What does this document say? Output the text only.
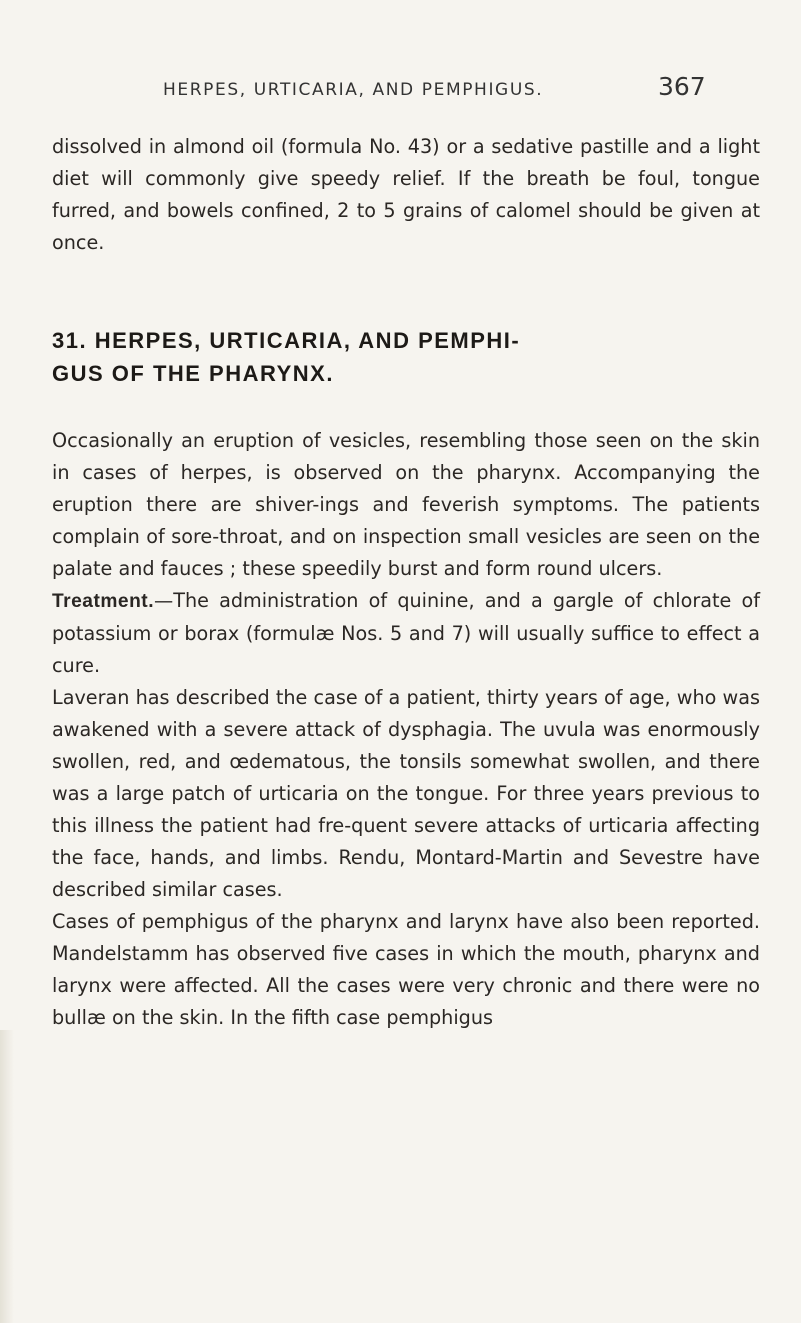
HERPES, URTICARIA, AND PEMPHIGUS.	367

dissolved in almond oil (formula No. 43) or a sedative pastille and a light diet will commonly give speedy relief. If the breath be foul, tongue furred, and bowels confined, 2 to 5 grains of calomel should be given at once.

31. HERPES, URTICARIA, AND PEMPHI-
GUS OF THE PHARYNX.

Occasionally an eruption of vesicles, resembling those seen on the skin in cases of herpes, is observed on the pharynx. Accompanying the eruption there are shiver-ings and feverish symptoms. The patients complain of sore-throat, and on inspection small vesicles are seen on the palate and fauces ; these speedily burst and form round ulcers.

Treatment.—The administration of quinine, and a gargle of chlorate of potassium or borax (formulæ Nos. 5 and 7) will usually suffice to effect a cure.

Laveran has described the case of a patient, thirty years of age, who was awakened with a severe attack of dysphagia. The uvula was enormously swollen, red, and œdematous, the tonsils somewhat swollen, and there was a large patch of urticaria on the tongue. For three years previous to this illness the patient had fre-quent severe attacks of urticaria affecting the face, hands, and limbs. Rendu, Montard-Martin and Sevestre have described similar cases.

Cases of pemphigus of the pharynx and larynx have also been reported. Mandelstamm has observed five cases in which the mouth, pharynx and larynx were affected. All the cases were very chronic and there were no bullæ on the skin. In the fifth case pemphigus
